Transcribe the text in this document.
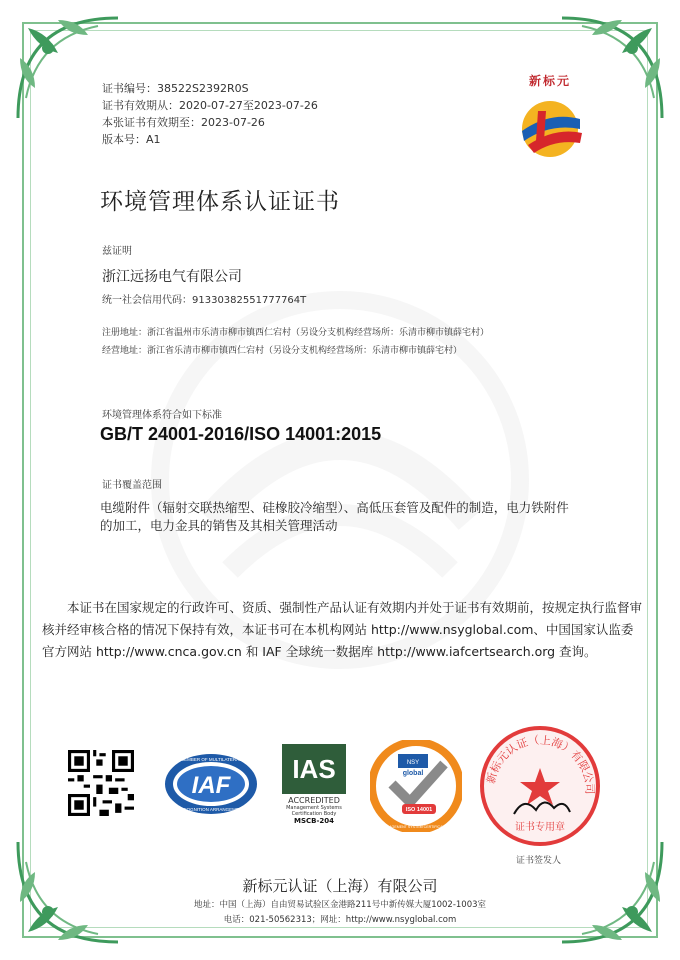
证书编号：38522S2392R0S
证书有效期从：2020-07-27至2023-07-26
本张证书有效期至：2023-07-26
版本号：A1
新标元
环境管理体系认证证书
兹证明
浙江远扬电气有限公司
统一社会信用代码：91330382551777764T
注册地址：浙江省温州市乐清市柳市镇西仁宕村（另设分支机构经营场所：乐清市柳市镇薛宅村）
经营地址：浙江省乐清市柳市镇西仁宕村（另设分支机构经营场所：乐清市柳市镇薛宅村）
环境管理体系符合如下标准
GB/T 24001-2016/ISO 14001:2015
证书覆盖范围
电缆附件（辐射交联热缩型、硅橡胶冷缩型）、高低压套管及配件的制造，电力铁附件
的加工，电力金具的销售及其相关管理活动
本证书在国家规定的行政许可、资质、强制性产品认证有效期内并处于证书有效期前，按规定执行监督审核并经审核合格的情况下保持有效，本证书可在本机构网站 http://www.nsyglobal.com、中国国家认监委官方网站 http://www.cnca.gov.cn 和 IAF 全球统一数据库 http://www.iafcertsearch.org 查询。
IAF
MEMBER OF MULTILATERAL
RECOGNITION ARRANGEMENT
IAS
ACCREDITED
Management Systems
Certification Body
MSCB-204
NSY
global
ISO 14001
MANAGEMENT SYSTEM CERTIFICATION
新标元认证（上海）有限公司
证书专用章
证书签发人
新标元认证（上海）有限公司
地址：中国（上海）自由贸易试验区金港路211号中新传媒大厦1002-1003室
电话：021-50562313；网址：http://www.nsyglobal.com
